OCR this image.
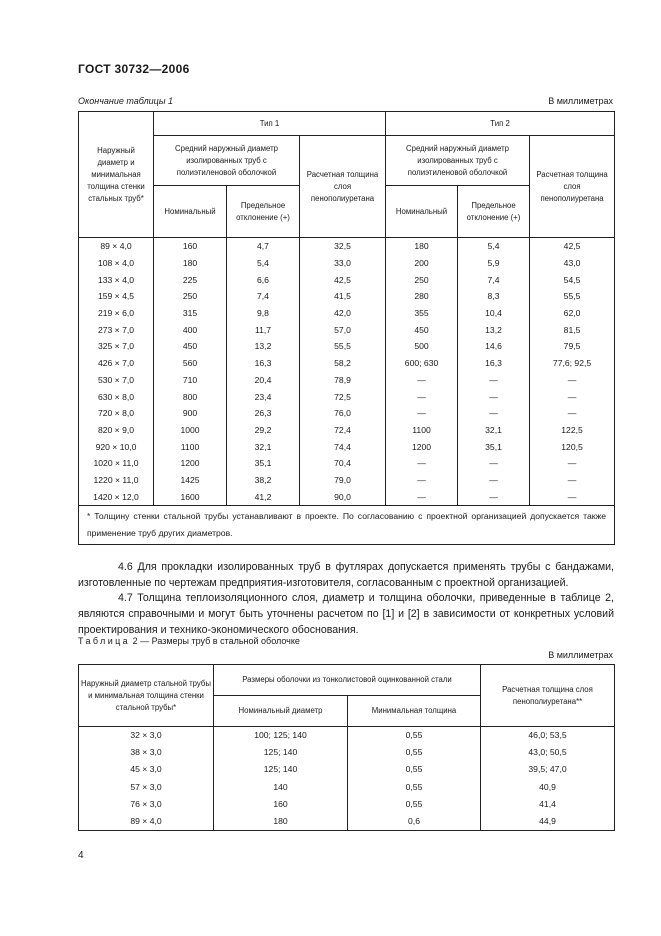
ГОСТ 30732—2006
Окончание таблицы 1	В миллиметрах
Наружный диаметр и минимальная толщина стенки стальных труб*	Тип 1			Тип 2		
	Средний наружный диаметр изолированных труб с полиэтиленовой оболочкой		Расчетная толщина слоя пенополиуретана	Средний наружный диаметр изолированных труб с полиэтиленовой оболочкой		Расчетная толщина слоя пенополиуретана
	Номинальный	Предельное отклонение (+)		Номинальный	Предельное отклонение (+)	
89 × 4,0	160	4,7	32,5	180	5,4	42,5
108 × 4,0	180	5,4	33,0	200	5,9	43,0
133 × 4,0	225	6,6	42,5	250	7,4	54,5
159 × 4,5	250	7,4	41,5	280	8,3	55,5
219 × 6,0	315	9,8	42,0	355	10,4	62,0
273 × 7,0	400	11,7	57,0	450	13,2	81,5
325 × 7,0	450	13,2	55,5	500	14,6	79,5
426 × 7,0	560	16,3	58,2	600; 630	16,3	77,6; 92,5
530 × 7,0	710	20,4	78,9	—	—	—
630 × 8,0	800	23,4	72,5	—	—	—
720 × 8,0	900	26,3	76,0	—	—	—
820 × 9,0	1000	29,2	72,4	1100	32,1	122,5
920 × 10,0	1100	32,1	74,4	1200	35,1	120,5
1020 × 11,0	1200	35,1	70,4	—	—	—
1220 × 11,0	1425	38,2	79,0	—	—	—
1420 × 12,0	1600	41,2	90,0	—	—	—
* Толщину стенки стальной трубы устанавливают в проекте. По согласованию с проектной организацией допускается также применение труб других диаметров.						
4.6 Для прокладки изолированных труб в футлярах допускается применять трубы с бандажами, изготовленные по чертежам предприятия-изготовителя, согласованным с проектной организацией.
4.7 Толщина теплоизоляционного слоя, диаметр и толщина оболочки, приведенные в таблице 2, являются справочными и могут быть уточнены расчетом по [1] и [2] в зависимости от конкретных условий проектирования и технико-экономического обоснования.
Таблица 2 — Размеры труб в стальной оболочке
В миллиметрах
Наружный диаметр стальной трубы и минимальная толщина стенки стальной трубы*	Размеры оболочки из тонколистовой оцинкованной стали		Расчетная толщина слоя пенополиуретана**
	Номинальный диаметр	Минимальная толщина	
32 × 3,0	100; 125; 140	0,55	46,0; 53,5
38 × 3,0	125; 140	0,55	43,0; 50,5
45 × 3,0	125; 140	0,55	39,5; 47,0
57 × 3,0	140	0,55	40,9
76 × 3,0	160	0,55	41,4
89 × 4,0	180	0,6	44,9
4
